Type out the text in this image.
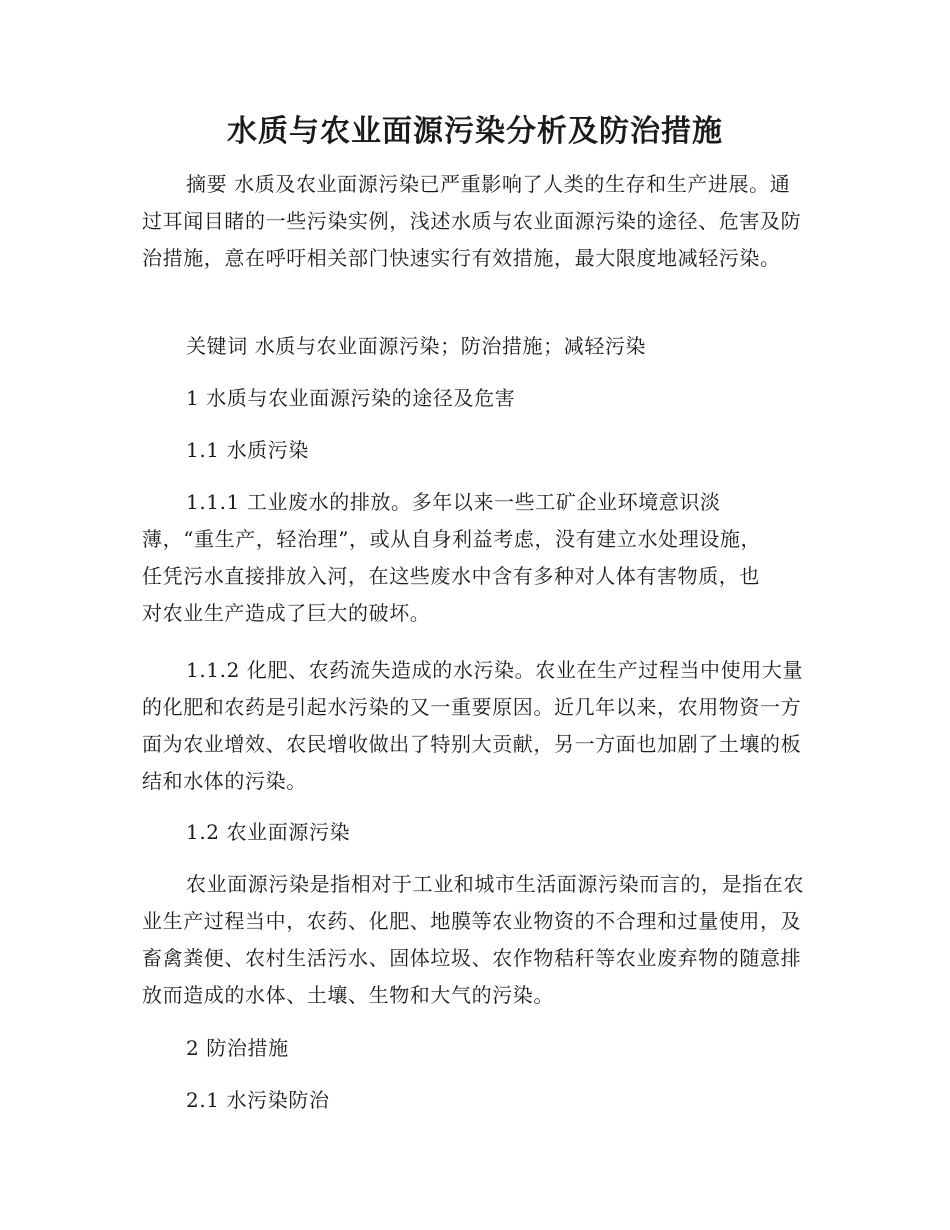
水质与农业面源污染分析及防治措施
摘要 水质及农业面源污染已严重影响了人类的生存和生产进展。通过耳闻目睹的一些污染实例，浅述水质与农业面源污染的途径、危害及防治措施，意在呼吁相关部门快速实行有效措施，最大限度地减轻污染。
关键词 水质与农业面源污染；防治措施；减轻污染
1 水质与农业面源污染的途径及危害
1.1 水质污染
1.1.1 工业废水的排放。多年以来一些工矿企业环境意识淡薄，“重生产，轻治理”，或从自身利益考虑，没有建立水处理设施，任凭污水直接排放入河，在这些废水中含有多种对人体有害物质，也对农业生产造成了巨大的破坏。
1.1.2 化肥、农药流失造成的水污染。农业在生产过程当中使用大量的化肥和农药是引起水污染的又一重要原因。近几年以来，农用物资一方面为农业增效、农民增收做出了特别大贡献，另一方面也加剧了土壤的板结和水体的污染。
1.2 农业面源污染
农业面源污染是指相对于工业和城市生活面源污染而言的，是指在农业生产过程当中，农药、化肥、地膜等农业物资的不合理和过量使用，及畜禽粪便、农村生活污水、固体垃圾、农作物秸秆等农业废弃物的随意排放而造成的水体、土壤、生物和大气的污染。
2 防治措施
2.1 水污染防治
